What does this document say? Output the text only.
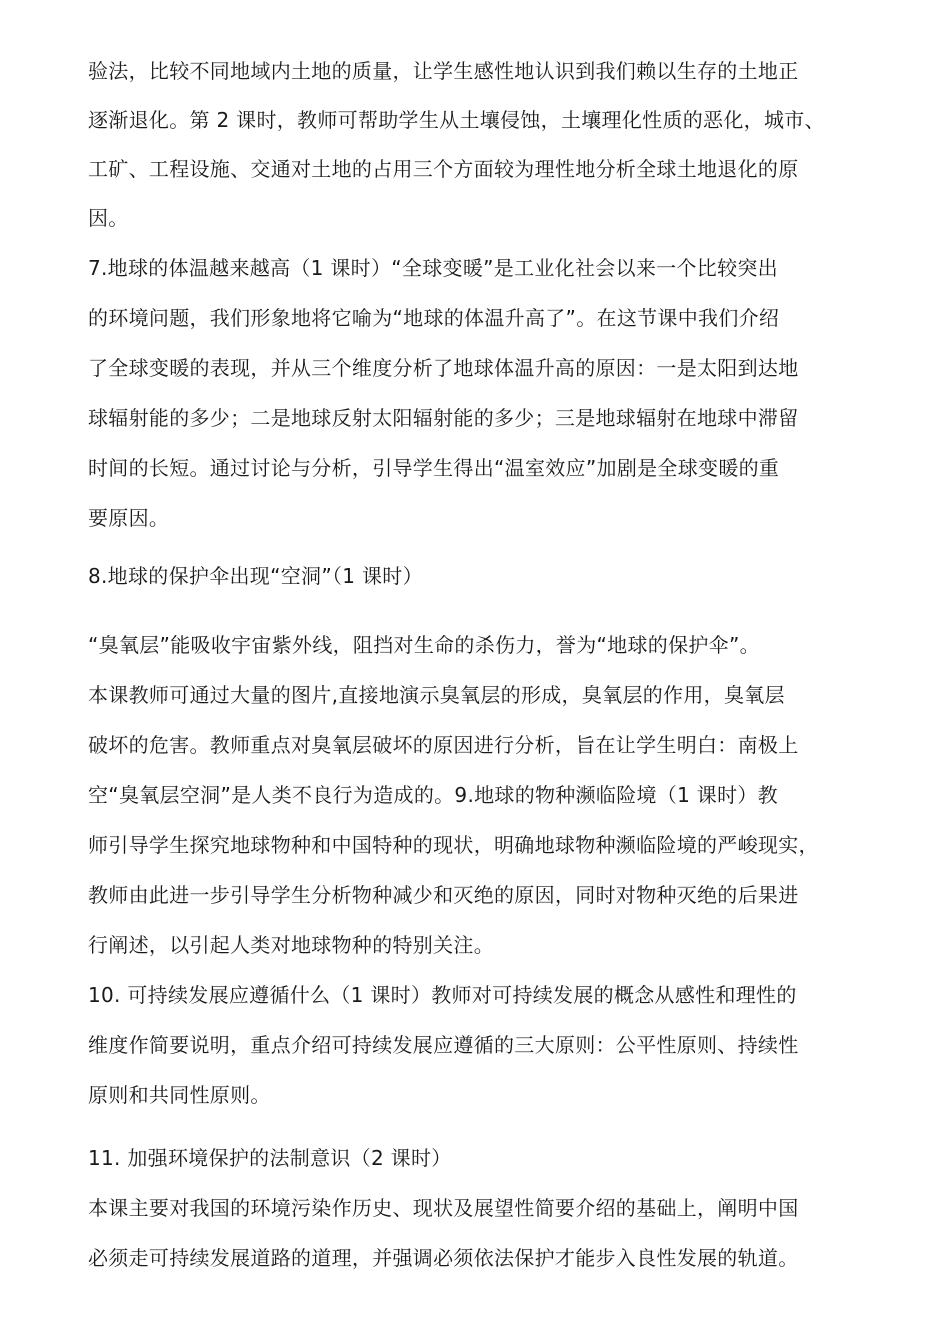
验法，比较不同地域内土地的质量，让学生感性地认识到我们赖以生存的土地正
逐渐退化。第 2 课时，教师可帮助学生从土壤侵蚀，土壤理化性质的恶化，城市、
工矿、工程设施、交通对土地的占用三个方面较为理性地分析全球土地退化的原
因。
7.地球的体温越来越高（1 课时）“全球变暖”是工业化社会以来一个比较突出
的环境问题，我们形象地将它喻为“地球的体温升高了”。在这节课中我们介绍
了全球变暖的表现，并从三个维度分析了地球体温升高的原因：一是太阳到达地
球辐射能的多少；二是地球反射太阳辐射能的多少；三是地球辐射在地球中滞留
时间的长短。通过讨论与分析，引导学生得出“温室效应”加剧是全球变暖的重
要原因。
8.地球的保护伞出现“空洞”（1 课时）
“臭氧层”能吸收宇宙紫外线，阻挡对生命的杀伤力，誉为“地球的保护伞”。
本课教师可通过大量的图片,直接地演示臭氧层的形成，臭氧层的作用，臭氧层
破坏的危害。教师重点对臭氧层破坏的原因进行分析，旨在让学生明白：南极上
空“臭氧层空洞”是人类不良行为造成的。9.地球的物种濒临险境（1 课时）教
师引导学生探究地球物种和中国特种的现状，明确地球物种濒临险境的严峻现实，
教师由此进一步引导学生分析物种减少和灭绝的原因，同时对物种灭绝的后果进
行阐述，以引起人类对地球物种的特别关注。
10. 可持续发展应遵循什么（1 课时）教师对可持续发展的概念从感性和理性的
维度作简要说明，重点介绍可持续发展应遵循的三大原则：公平性原则、持续性
原则和共同性原则。
11. 加强环境保护的法制意识（2 课时）
本课主要对我国的环境污染作历史、现状及展望性简要介绍的基础上，阐明中国
必须走可持续发展道路的道理，并强调必须依法保护才能步入良性发展的轨道。
